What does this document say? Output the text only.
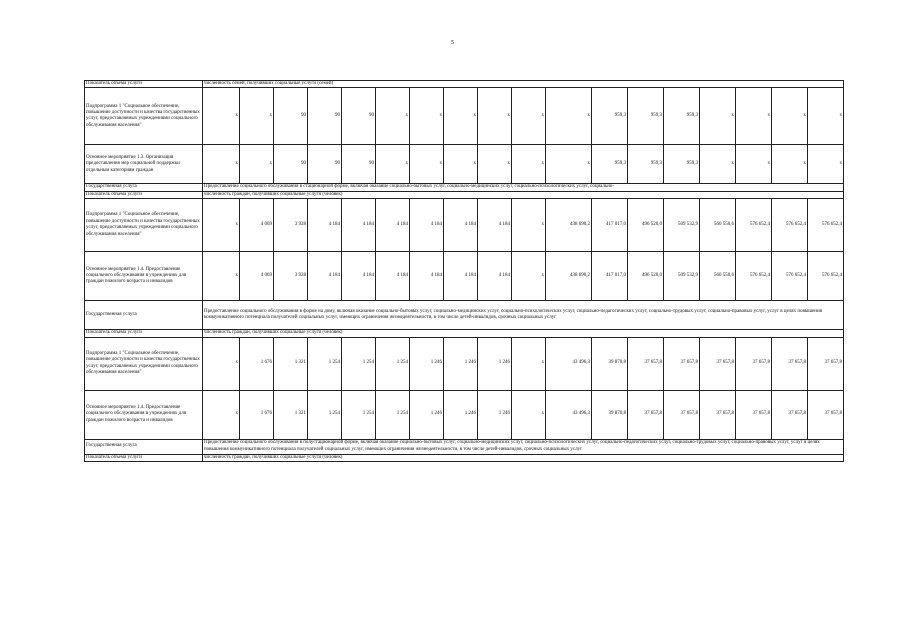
5
Показатель объема услуги	численность семей, получивших социальные услуги (семей)																	
Подпрограмма 1 "Социальное обеспечение, повышение доступности и качества государственных услуг, предоставляемых учреждениями социального обслуживания населения"	x	x	90	90	90	x	x	x	x	x	x	959,3	959,3	959,3	x	x	x	x
Основное мероприятие 1.3. Организация предоставления мер социальной поддержки отдельным категориям граждан	x	x	90	90	90	x	x	x	x	x	x	959,3	959,3	959,3	x	x	x	x
Государственная услуга	Предоставление социального обслуживания в стационарной форме, включая оказание социально-бытовых услуг, социально-медицинских услуг, социально-психологических услуг, социально-																	
Показатель объема услуги	численность граждан, получивших социальные услуги (человек)																	
Подпрограмма 1 "Социальное обеспечение, повышение доступности и качества государственных услуг, предоставляемых учреждениями социального обслуживания населения"	x	4 069	3 928	4 184	4 184	4 184	4 184	4 184	4 184	x	438 690,2	417 017,0	496 520,0	509 532,9	560 550,6	576 652,4	576 652,4	576 652,4
Основное мероприятие 1.4. Предоставление социального обслуживания в учреждениях для граждан пожилого возраста и инвалидов	x	4 069	3 928	4 184	4 184	4 184	4 184	4 184	4 184	x	438 690,2	417 017,0	496 520,0	509 532,9	560 550,6	576 652,4	576 652,4	576 652,4
Государственная услуга	Предоставление социального обслуживания в форме на дому, включая оказание социально-бытовых услуг, социально-медицинских услуг, социально-психологических услуг, социально-педагогических услуг, социально-трудовых услуг, социально-правовых услуг, услуг в целях повышения коммуникативного потенциала получателей социальных услуг, имеющих ограничения жизнедеятельности, в том числе детей-инвалидов, срочных социальных услуг																	
Показатель объема услуги	численность граждан, получивших социальные услуги (человек)																	
Подпрограмма 1 "Социальное обеспечение, повышение доступности и качества государственных услуг, предоставляемых учреждениями социального обслуживания населения"	x	1 676	1 321	1 254	1 254	1 254	1 246	1 246	1 246	x	43 496,3	39 870,8	37 657,8	37 657,8	37 657,8	37 657,8	37 657,8	37 657,8
Основное мероприятие 1.4. Предоставление социального обслуживания в учреждениях для граждан пожилого возраста и инвалидов	x	1 676	1 321	1 254	1 254	1 254	1 246	1 246	1 246	x	43 496,3	39 870,8	37 657,8	37 657,8	37 657,8	37 657,8	37 657,8	37 657,8
Государственная услуга	Предоставление социального обслуживания в полустационарной форме, включая оказание социально-бытовых услуг, социально-медицинских услуг, социально-психологических услуг, социально-педагогических услуг, социально-трудовых услуг, социально-правовых услуг, услуг в целях повышения коммуникативного потенциала получателей социальных услуг, имеющих ограничения жизнедеятельности, в том числе детей-инвалидов, срочных социальных услуг																	
Показатель объема услуги	численность граждан, получивших социальные услуги (человек)																	
